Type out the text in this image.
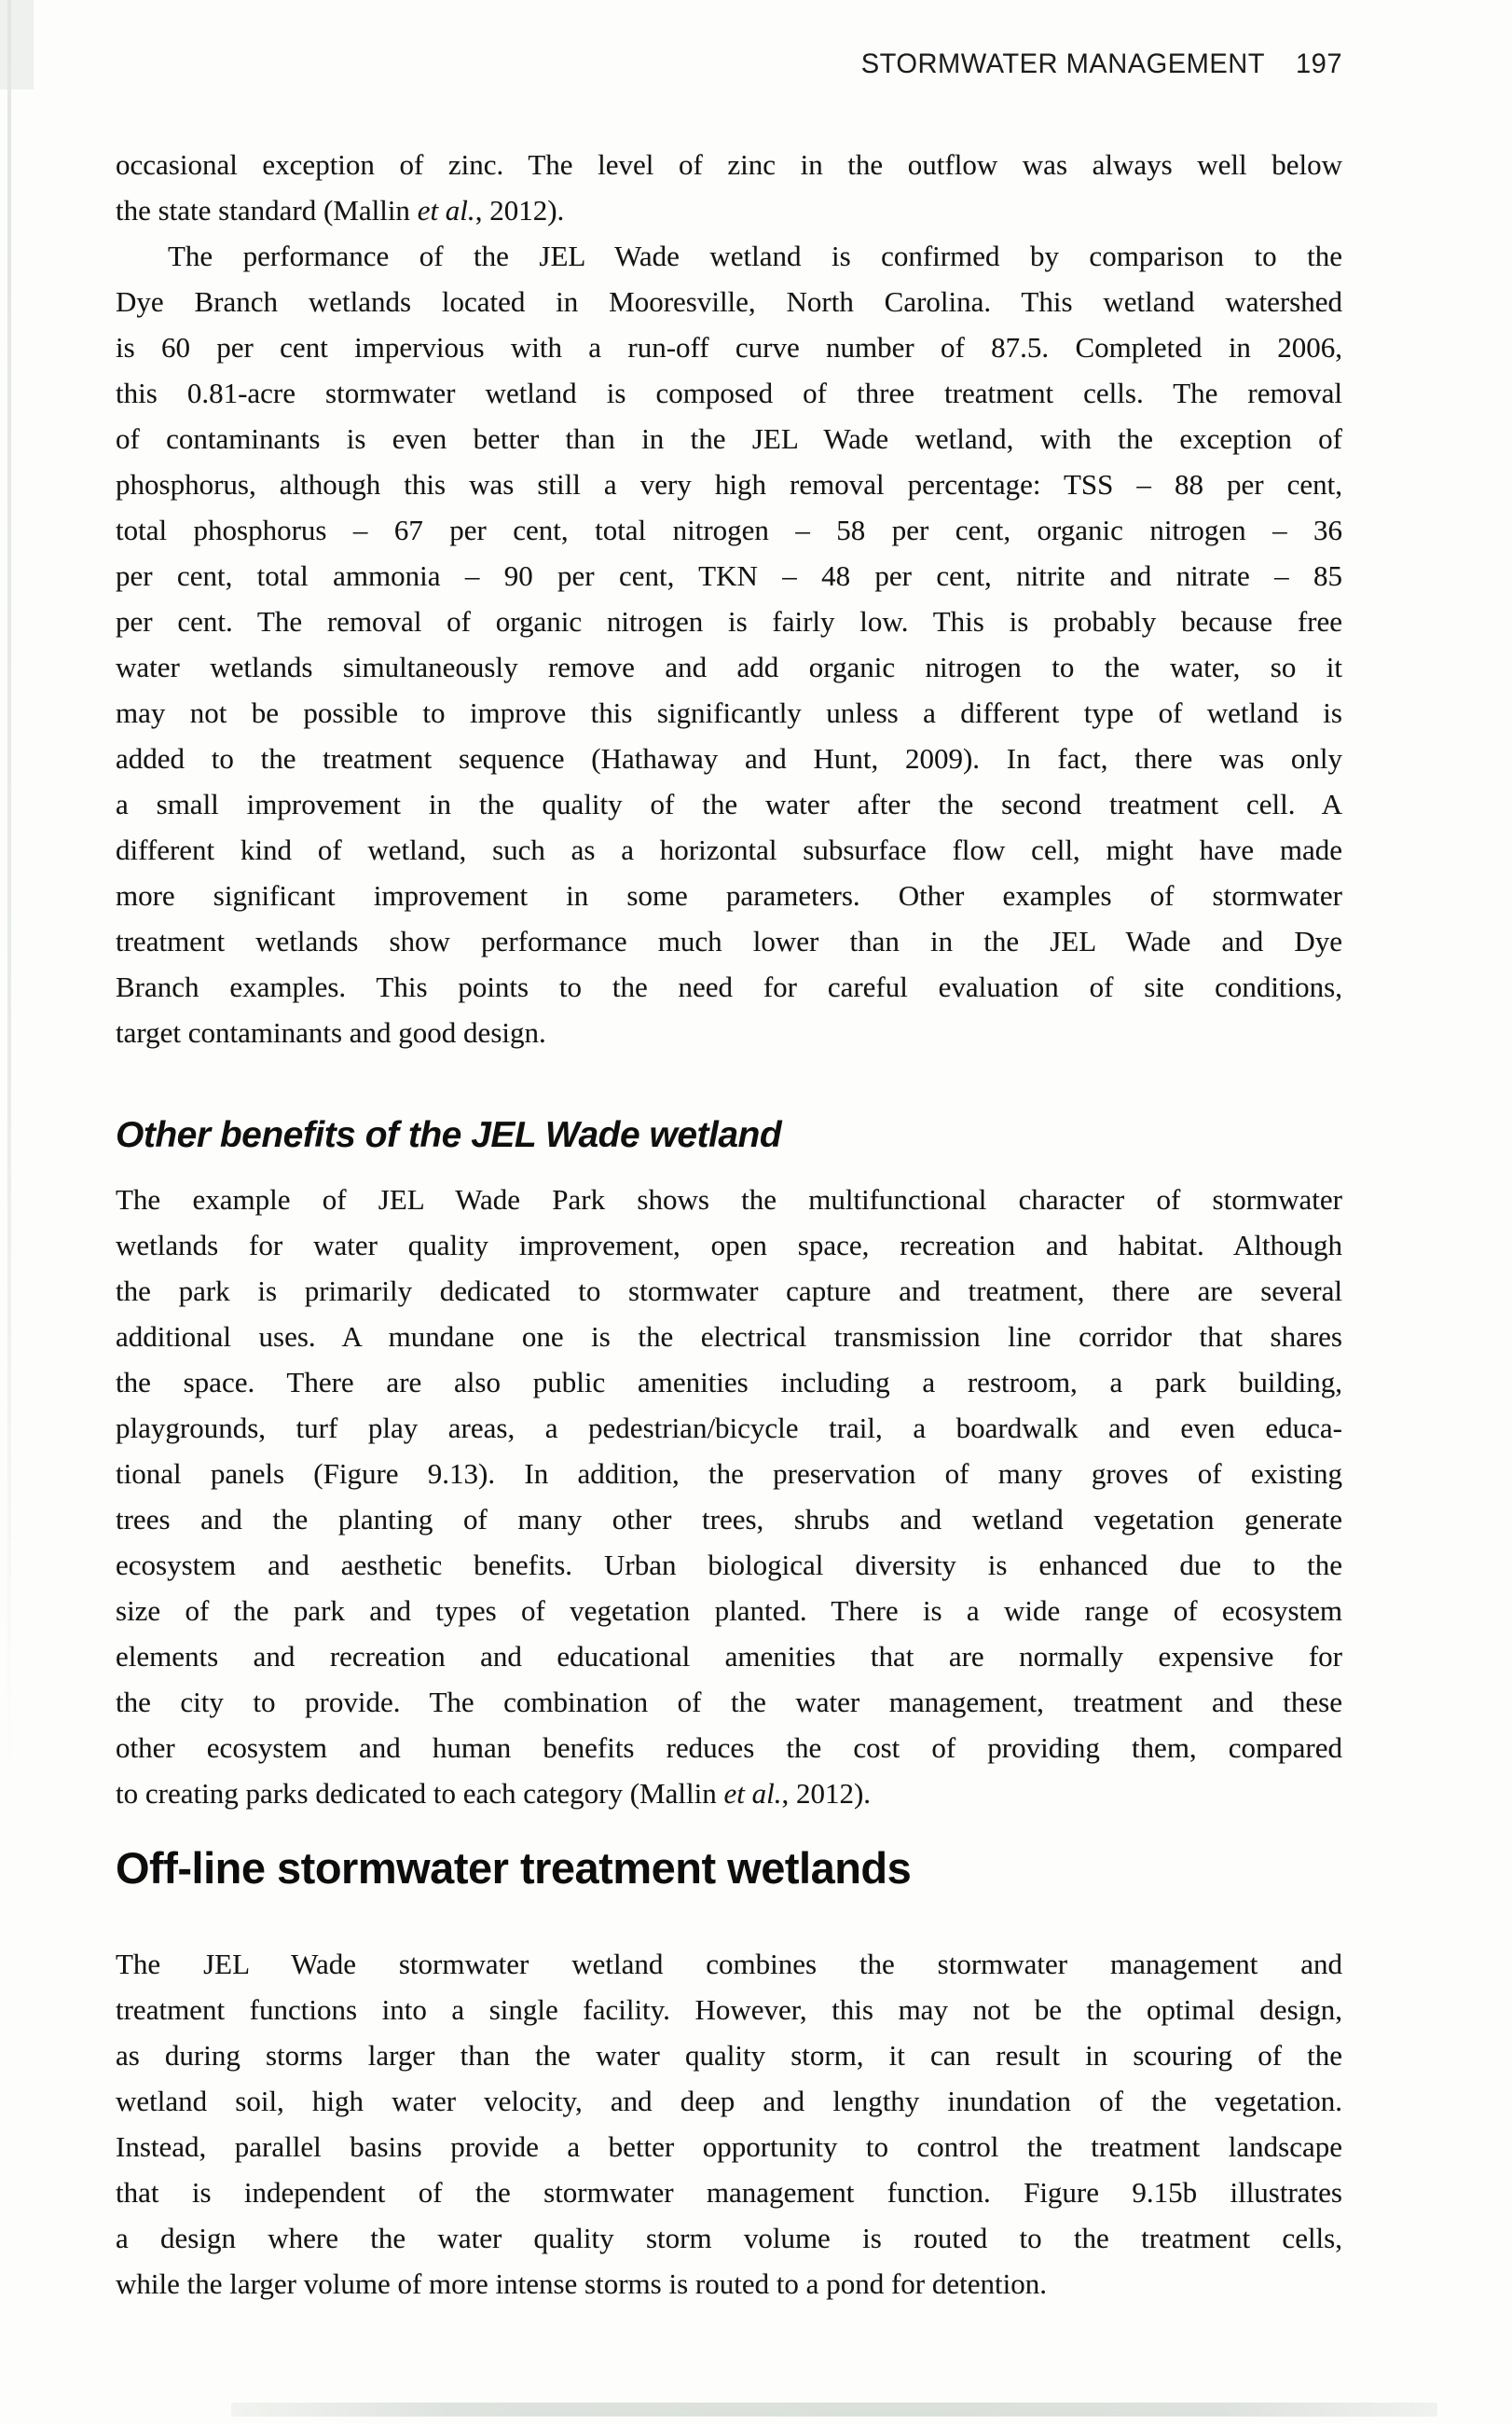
STORMWATER MANAGEMENT 197
occasional exception of zinc. The level of zinc in the outflow was always well below
the state standard (Mallin et al., 2012).
The performance of the JEL Wade wetland is confirmed by comparison to the
Dye Branch wetlands located in Mooresville, North Carolina. This wetland watershed
is 60 per cent impervious with a run-off curve number of 87.5. Completed in 2006,
this 0.81-acre stormwater wetland is composed of three treatment cells. The removal
of contaminants is even better than in the JEL Wade wetland, with the exception of
phosphorus, although this was still a very high removal percentage: TSS – 88 per cent,
total phosphorus – 67 per cent, total nitrogen – 58 per cent, organic nitrogen – 36
per cent, total ammonia – 90 per cent, TKN – 48 per cent, nitrite and nitrate – 85
per cent. The removal of organic nitrogen is fairly low. This is probably because free
water wetlands simultaneously remove and add organic nitrogen to the water, so it
may not be possible to improve this significantly unless a different type of wetland is
added to the treatment sequence (Hathaway and Hunt, 2009). In fact, there was only
a small improvement in the quality of the water after the second treatment cell. A
different kind of wetland, such as a horizontal subsurface flow cell, might have made
more significant improvement in some parameters. Other examples of stormwater
treatment wetlands show performance much lower than in the JEL Wade and Dye
Branch examples. This points to the need for careful evaluation of site conditions,
target contaminants and good design.
Other benefits of the JEL Wade wetland
The example of JEL Wade Park shows the multifunctional character of stormwater
wetlands for water quality improvement, open space, recreation and habitat. Although
the park is primarily dedicated to stormwater capture and treatment, there are several
additional uses. A mundane one is the electrical transmission line corridor that shares
the space. There are also public amenities including a restroom, a park building,
playgrounds, turf play areas, a pedestrian/bicycle trail, a boardwalk and even educa-
tional panels (Figure 9.13). In addition, the preservation of many groves of existing
trees and the planting of many other trees, shrubs and wetland vegetation generate
ecosystem and aesthetic benefits. Urban biological diversity is enhanced due to the
size of the park and types of vegetation planted. There is a wide range of ecosystem
elements and recreation and educational amenities that are normally expensive for
the city to provide. The combination of the water management, treatment and these
other ecosystem and human benefits reduces the cost of providing them, compared
to creating parks dedicated to each category (Mallin et al., 2012).
Off-line stormwater treatment wetlands
The JEL Wade stormwater wetland combines the stormwater management and
treatment functions into a single facility. However, this may not be the optimal design,
as during storms larger than the water quality storm, it can result in scouring of the
wetland soil, high water velocity, and deep and lengthy inundation of the vegetation.
Instead, parallel basins provide a better opportunity to control the treatment landscape
that is independent of the stormwater management function. Figure 9.15b illustrates
a design where the water quality storm volume is routed to the treatment cells,
while the larger volume of more intense storms is routed to a pond for detention.
